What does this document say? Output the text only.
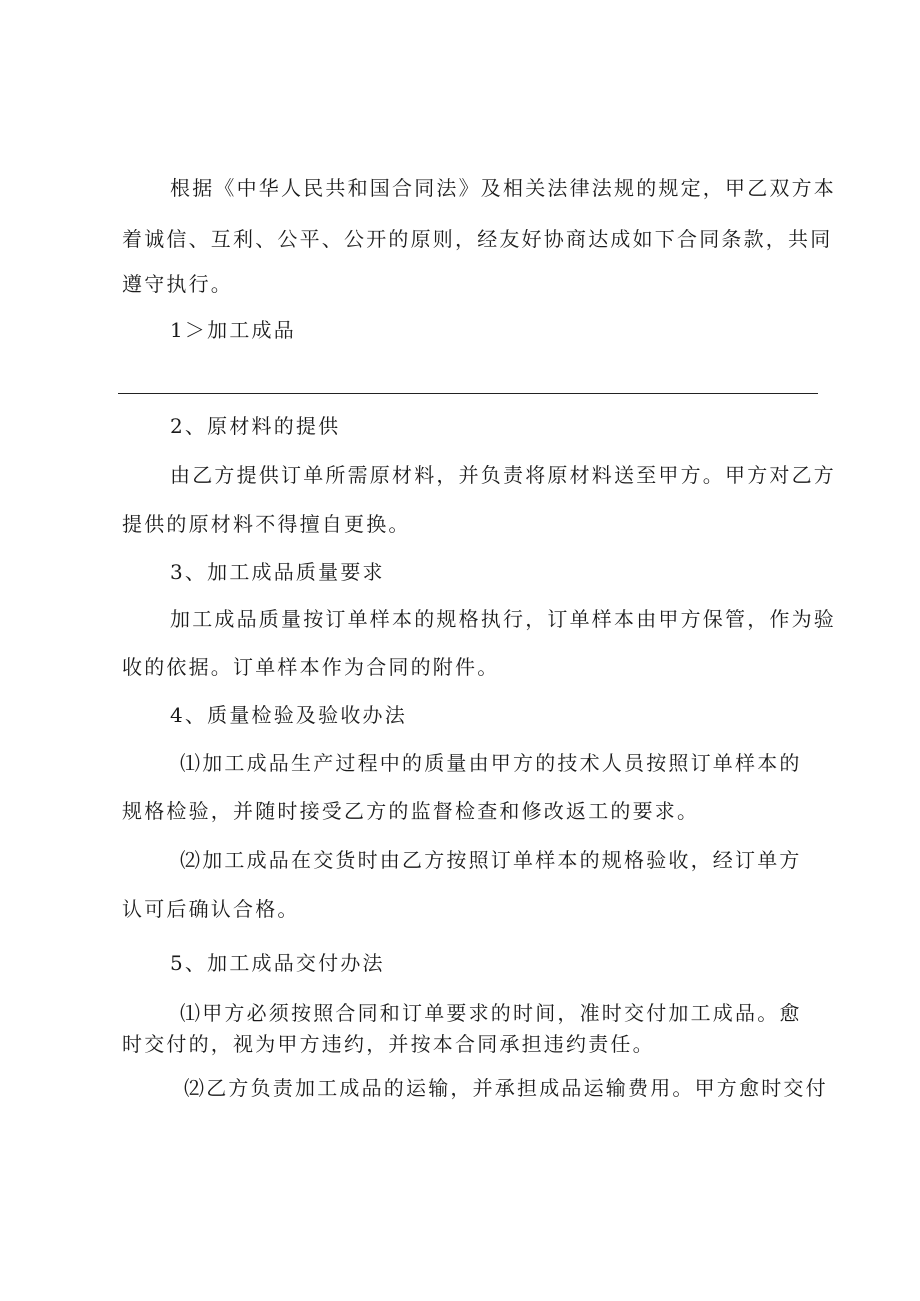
根据《中华人民共和国合同法》及相关法律法规的规定，甲乙双方本
着诚信、互利、公平、公开的原则，经友好协商达成如下合同条款，共同
遵守执行。
1＞加工成品
2、原材料的提供
由乙方提供订单所需原材料，并负责将原材料送至甲方。甲方对乙方
提供的原材料不得擅自更换。
3、加工成品质量要求
加工成品质量按订单样本的规格执行，订单样本由甲方保管，作为验
收的依据。订单样本作为合同的附件。
4、质量检验及验收办法
⑴加工成品生产过程中的质量由甲方的技术人员按照订单样本的
规格检验，并随时接受乙方的监督检查和修改返工的要求。
⑵加工成品在交货时由乙方按照订单样本的规格验收，经订单方
认可后确认合格。
5、加工成品交付办法
⑴甲方必须按照合同和订单要求的时间，准时交付加工成品。愈
时交付的，视为甲方违约，并按本合同承担违约责任。
⑵乙方负责加工成品的运输，并承担成品运输费用。甲方愈时交付
